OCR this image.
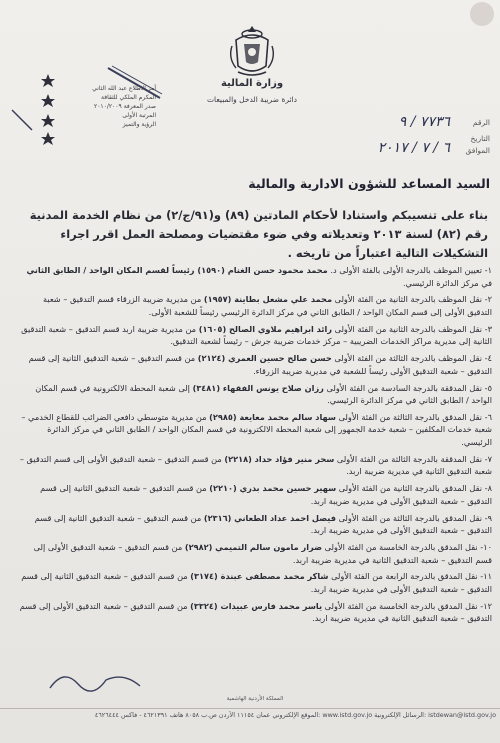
وزارة المالية
دائرة ضريبة الدخل والمبيعات
الرقم
٧٧٣٦ / ٩
التاريخ
الموافق
٦ / ٧ / ٢٠١٧
أمر الاطلاع عبد الله الثاني
المكرم الملكي للثقافة
صدر المعرفة ٢٠١٠/٢٠٠٩
المرتبة الأولى
الرؤية والتميز
السيد المساعد للشؤون الادارية والمالية
بناء على تنسيبكم واستنادا لأحكام المادتين (٨٩) و(٩١/ج/٢) من نظام الخدمة المدنية رقم (٨٢) لسنة ٢٠١٣ وتعديلاته وفي ضوء مقتضيات ومصلحة العمل اقرر اجراء التشكيلات التالية اعتباراً من تاريخه .
١- تعيين الموظف بالدرجة الأولى بالفئة الأولى د. محمد محمود حسن الغنام (١٥٩٠) رئيساً لقسم المكان الواحد / الطابق الثاني في مركز الدائرة الرئيسي.
٢- نقل الموظف بالدرجة الثانية من الفئة الأولى محمد علي مشعل بطاينة (١٩٥٧) من مديرية ضريبة الزرقاء قسم التدقيق – شعبة التدقيق الأولى إلى قسم المكان الواحد / الطابق الثاني في مركز الدائرة الرئيسي رئيساً للشعبة الأولى.
٣- نقل الموظف بالدرجة الثانية من الفئة الأولى رائد ابراهيم ملاوي الصالح (١٦٠٥) من مديرية ضريبة اربد قسم التدقيق – شعبة التدقيق الثانية إلى مديرية مراكز الخدمات الضريبية – مركز خدمات ضريبة جرش – رئيساً لشعبة التدقيق.
٤- نقل الموظف بالدرجة الثالثة من الفئة الأولى حسن صالح حسين العمري (٢١٢٤) من قسم التدقيق – شعبة التدقيق الثانية إلى قسم التدقيق – شعبة التدقيق الأولى رئيساً للشعبة في مديرية ضريبة الزرقاء.
٥- نقل المدققة بالدرجة السادسة من الفئة الأولى رزان صلاح يونس الفقهاء (٣٤٨١) إلى شعبة المحطة الالكترونية في قسم المكان الواحد / الطابق الثاني في مركز الدائرة الرئيسي.
٦- نقل المدقق بالدرجة الثالثة من الفئة الأولى سهاد سالم محمد معايعة (٢٩٨٥) من مديرية متوسطي دافعي الضرائب للقطاع الخدمي – شعبة خدمات المكلفين – شعبة خدمة الجمهور إلى شعبة المحطة الالكترونية في قسم المكان الواحد / الطابق الثاني في مركز الدائرة الرئيسي.
٧- نقل المدققة بالدرجة الثالثة من الفئة الأولى سحر منير فؤاد حداد (٢٢١٨) من قسم التدقيق – شعبة التدقيق الأولى إلى قسم التدقيق – شعبة التدقيق الثانية في مديرية ضريبة اربد.
٨- نقل المدقق بالدرجة الثانية من الفئة الأولى سهير حسين محمد بدري (٢٢١٠) من قسم التدقيق – شعبة التدقيق الثانية إلى قسم التدقيق – شعبة التدقيق الأولى في مديرية ضريبة اربد.
٩- نقل المدقق بالدرجة الثالثة من الفئة الأولى فيصل احمد عداد الطعاني (٢٣١٦) من قسم التدقيق – شعبة التدقيق الثانية إلى قسم التدقيق – شعبة التدقيق الأولى في مديرية ضريبة اربد.
١٠- نقل المدقق بالدرجة الخامسة من الفئة الأولى ضرار مامون سالم التميمي (٢٩٨٢) من قسم التدقيق – شعبة التدقيق الأولى إلى قسم التدقيق – شعبة التدقيق الثانية في مديرية ضريبة اربد.
١١- نقل المدقق بالدرجة الرابعة من الفئة الأولى شاكر محمد مصطفى عبندة (٣١٧٤) من قسم التدقيق – شعبة التدقيق الثانية إلى قسم التدقيق – شعبة التدقيق الأولى في مديرية ضريبة اربد.
١٢- نقل المدقق بالدرجة الخامسة من الفئة الأولى ياسر محمد فارس عبيدات (٣٣٢٤) من قسم التدقيق – شعبة التدقيق الأولى إلى قسم التدقيق – شعبة التدقيق الثانية في مديرية ضريبة اربد.
المملكة الأردنية الهاشمية
istdewan@istd.gov.jo :الرسائل الإلكترونية www.istd.gov.jo :الموقع الإلكتروني عمان ١١١٥٤ الأردن ص.ب ٨٠٥٨ هاتف ٤٦٢١٣٩١ - فاكس ٤٦٢٦٤٤٤
